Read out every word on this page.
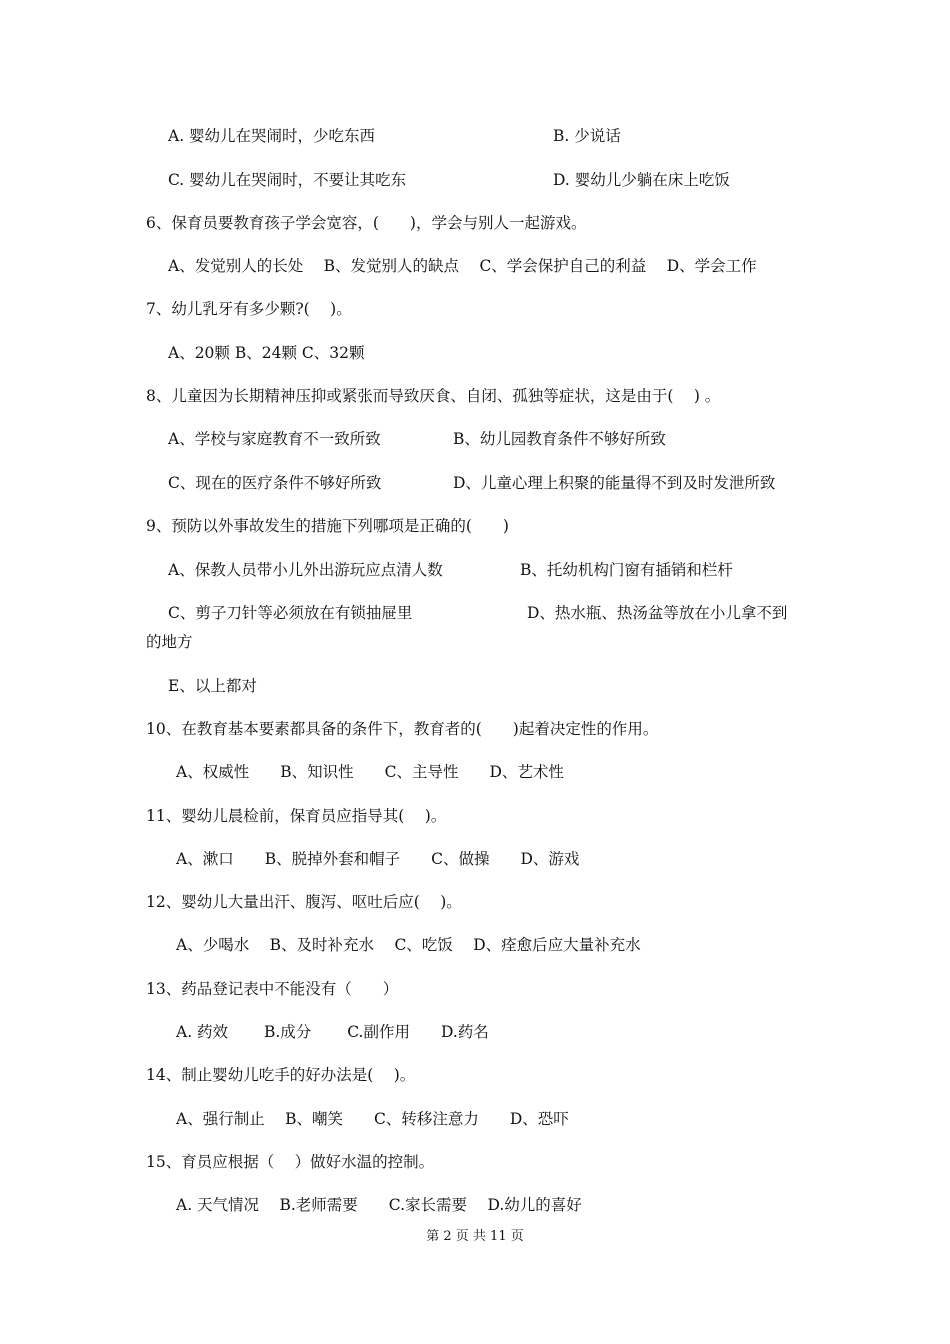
A. 婴幼儿在哭闹时，少吃东西	B. 少说话
C. 婴幼儿在哭闹时，不要让其吃东	D. 婴幼儿少躺在床上吃饭
6、保育员要教育孩子学会宽容，(　　)，学会与别人一起游戏。
A、发觉别人的长处　 B、发觉别人的缺点　 C、学会保护自己的利益　 D、学会工作
7、幼儿乳牙有多少颗?(　 )。
A、20颗 B、24颗 C、32颗
8、儿童因为长期精神压抑或紧张而导致厌食、自闭、孤独等症状，这是由于(　 ) 。
A、学校与家庭教育不一致所致	B、幼儿园教育条件不够好所致
C、现在的医疗条件不够好所致	D、儿童心理上积聚的能量得不到及时发泄所致
9、预防以外事故发生的措施下列哪项是正确的(　　)
A、保教人员带小儿外出游玩应点清人数	B、托幼机构门窗有插销和栏杆
C、剪子刀针等必须放在有锁抽屉里	D、热水瓶、热汤盆等放在小儿拿不到
的地方
E、以上都对
10、在教育基本要素都具备的条件下，教育者的(　　)起着决定性的作用。
A、权威性　　B、知识性　　C、主导性　　D、艺术性
11、婴幼儿晨检前，保育员应指导其(　 )。
A、漱口　　B、脱掉外套和帽子　　C、做操　　D、游戏
12、婴幼儿大量出汗、腹泻、呕吐后应(　 )。
A、少喝水　 B、及时补充水　 C、吃饭　 D、痊愈后应大量补充水
13、药品登记表中不能没有（　　）
A. 药效　　 B.成分　　 C.副作用　　D.药名
14、制止婴幼儿吃手的好办法是(　 )。
A、强行制止　 B、嘲笑　　C、转移注意力　　D、恐吓
15、育员应根据（　 ）做好水温的控制。
A. 天气情况　 B.老师需要　　C.家长需要　 D.幼儿的喜好
第 2 页 共 11 页
